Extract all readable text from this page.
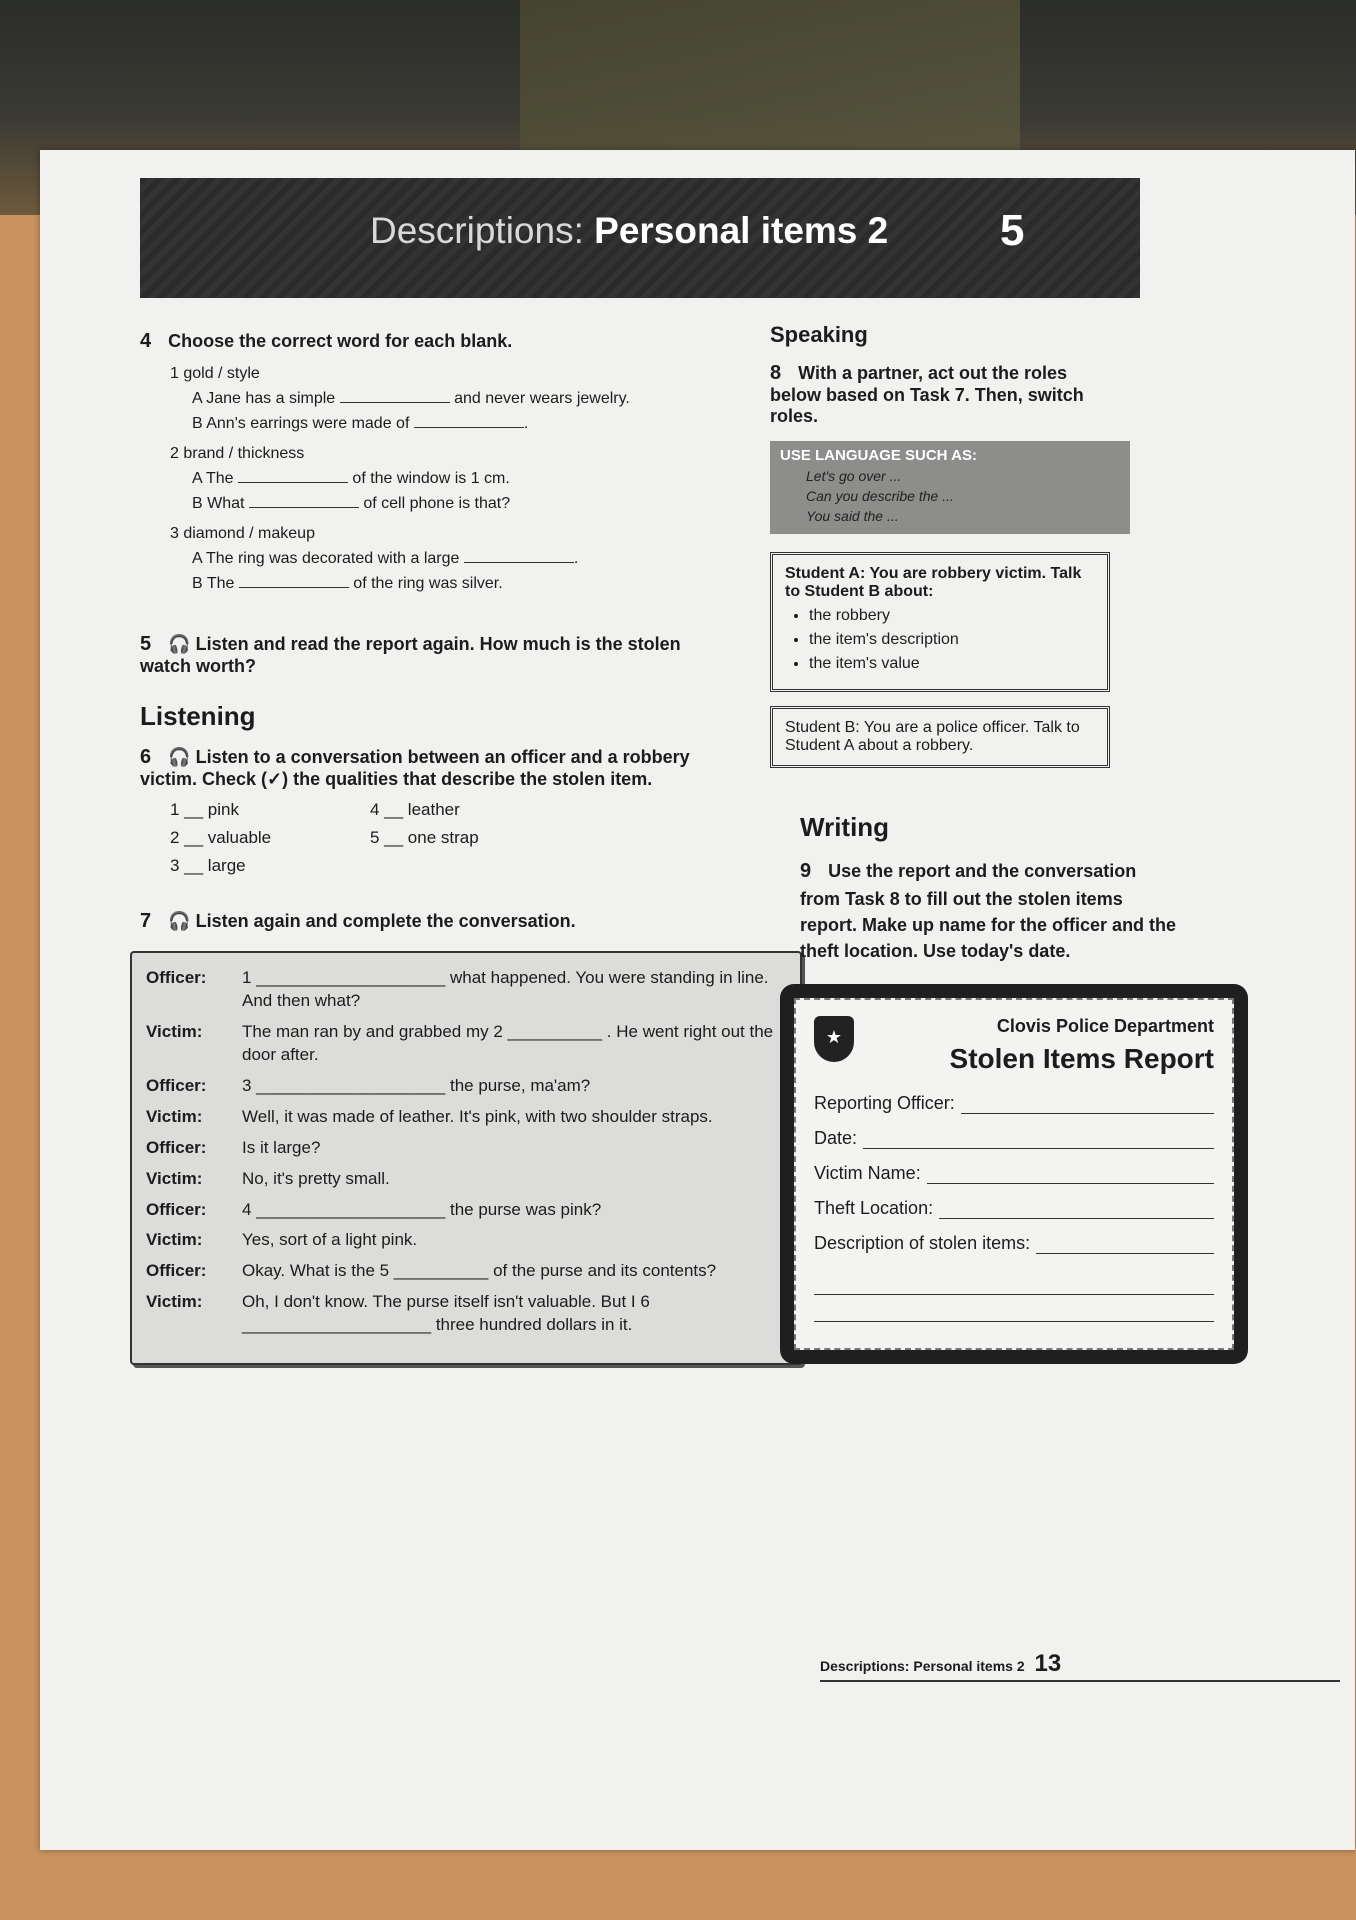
Descriptions: Personal items 2	5
4 Choose the correct word for each blank.
1 gold / style
A Jane has a simple	and never wears jewelry.
B Ann's earrings were made of	.
2 brand / thickness
A The	of the window is 1 cm.
B What	of cell phone is that?
3 diamond / makeup
A The ring was decorated with a large	.
B The	of the ring was silver.
5 🎧 Listen and read the report again. How much is the stolen watch worth?
Listening
6 🎧 Listen to a conversation between an officer and a robbery victim. Check (✓) the qualities that describe the stolen item.
1 __ pink	4 __ leather
2 __ valuable	5 __ one strap
3 __ large
7 🎧 Listen again and complete the conversation.
Officer:	1 ____________________ what happened. You were standing in line. And then what?
Victim:	The man ran by and grabbed my 2 __________ . He went right out the door after.
Officer:	3 ____________________ the purse, ma'am?
Victim:	Well, it was made of leather. It's pink, with two shoulder straps.
Officer:	Is it large?
Victim:	No, it's pretty small.
Officer:	4 ____________________ the purse was pink?
Victim:	Yes, sort of a light pink.
Officer:	Okay. What is the 5 __________ of the purse and its contents?
Victim:	Oh, I don't know. The purse itself isn't valuable. But I 6 ____________________ three hundred dollars in it.
Speaking
8 With a partner, act out the roles below based on Task 7. Then, switch roles.
USE LANGUAGE SUCH AS:
Let's go over ...
Can you describe the ...
You said the ...
Student A: You are robbery victim. Talk to Student B about:
• the robbery
• the item's description
• the item's value
Student B: You are a police officer. Talk to Student A about a robbery.
Writing
9 Use the report and the conversation from Task 8 to fill out the stolen items report. Make up name for the officer and the theft location. Use today's date.
★
Clovis Police Department
Stolen Items Report
Reporting Officer:
Date:
Victim Name:
Theft Location:
Description of stolen items:
Descriptions: Personal items 2 13
